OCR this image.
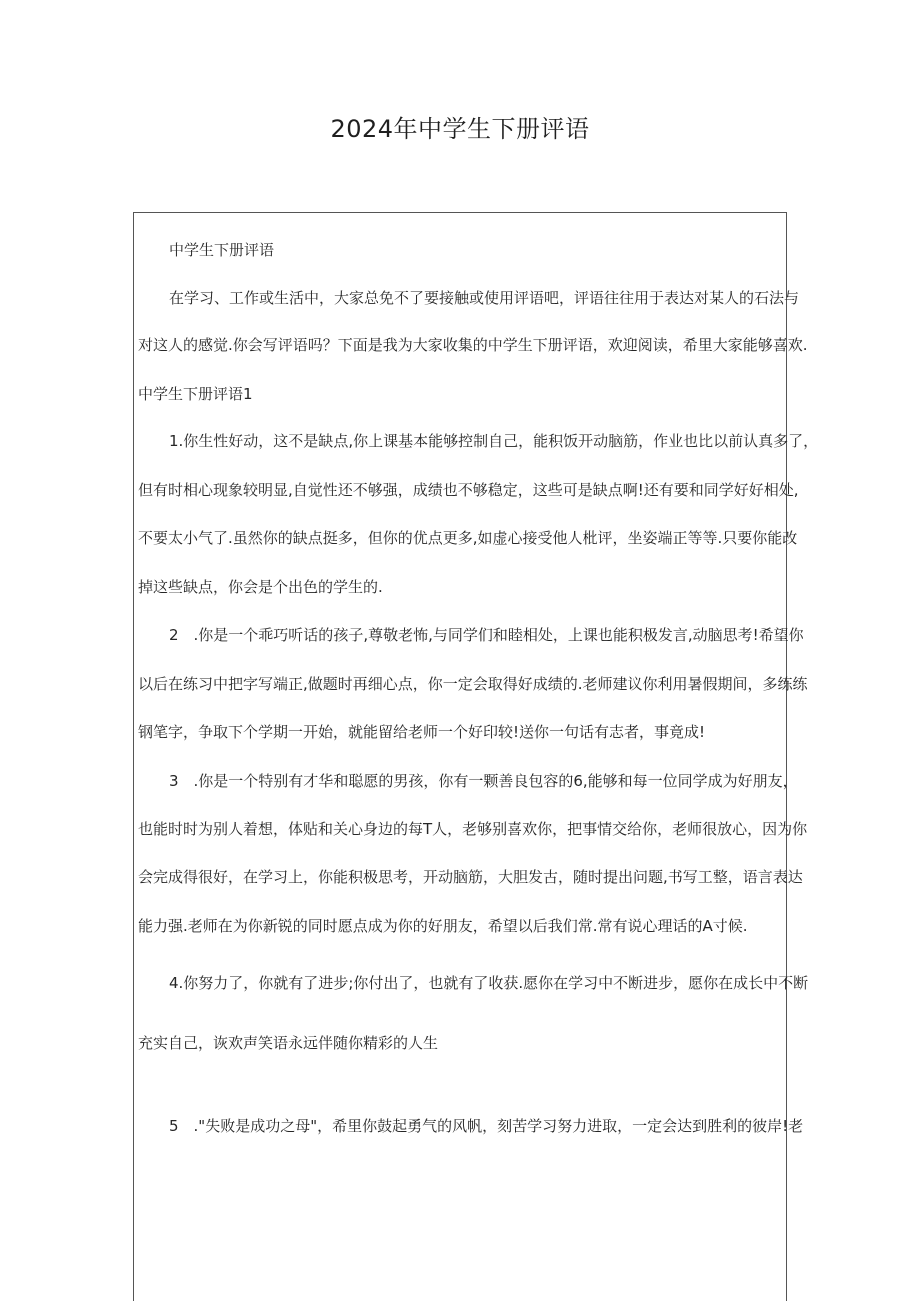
2024年中学生下册评语
中学生下册评语
在学习、工作或生活中，大家总免不了要接触或使用评语吧，评语往往用于表达对某人的石法与
对这人的感觉.你会写评语吗？下面是我为大家收集的中学生下册评语，欢迎阅读，希里大家能够喜欢.
中学生下册评语1
1.你生性好动，这不是缺点,你上课基本能够控制自己，能积饭开动脑筋，作业也比以前认真多了，
但有时相心现象较明显,自觉性还不够强，成绩也不够稳定，这些可是缺点啊!还有要和同学好好相处,
不要太小气了.虽然你的缺点挺多，但你的优点更多,如虚心接受他人枇评，坐姿端正等等.只要你能改
掉这些缺点，你会是个出色的学生的.
2　.你是一个乖巧听话的孩子,尊敬老怖,与同学们和睦相处，上课也能积极发言,动脑思考!希望你
以后在练习中把字写端正,做题时再细心点，你一定会取得好成绩的.老师建议你利用暑假期间，多练练
钢笔字，争取下个学期一开始，就能留给老师一个好印较!送你一句话有志者，事竟成!
3　.你是一个特别有才华和聪愿的男孩，你有一颗善良包容的6,能够和每一位同学成为好朋友，
也能时时为别人着想，体贴和关心身边的每T人，老够别喜欢你，把事情交给你，老师很放心，因为你
会完成得很好，在学习上，你能积极思考，开动脑筋，大胆发古，随时提出问题,书写工整，语言表达
能力强.老师在为你新锐的同时愿点成为你的好朋友，希望以后我们常.常有说心理话的A寸候.
4.你努力了，你就有了进步;你付出了，也就有了收获.愿你在学习中不断进步，愿你在成长中不断
充实自己，诙欢声笑语永远伴随你精彩的人生
5　."失败是成功之母"，希里你鼓起勇气的风帆，刻苦学习努力进取，一定会达到胜利的彼岸!老
